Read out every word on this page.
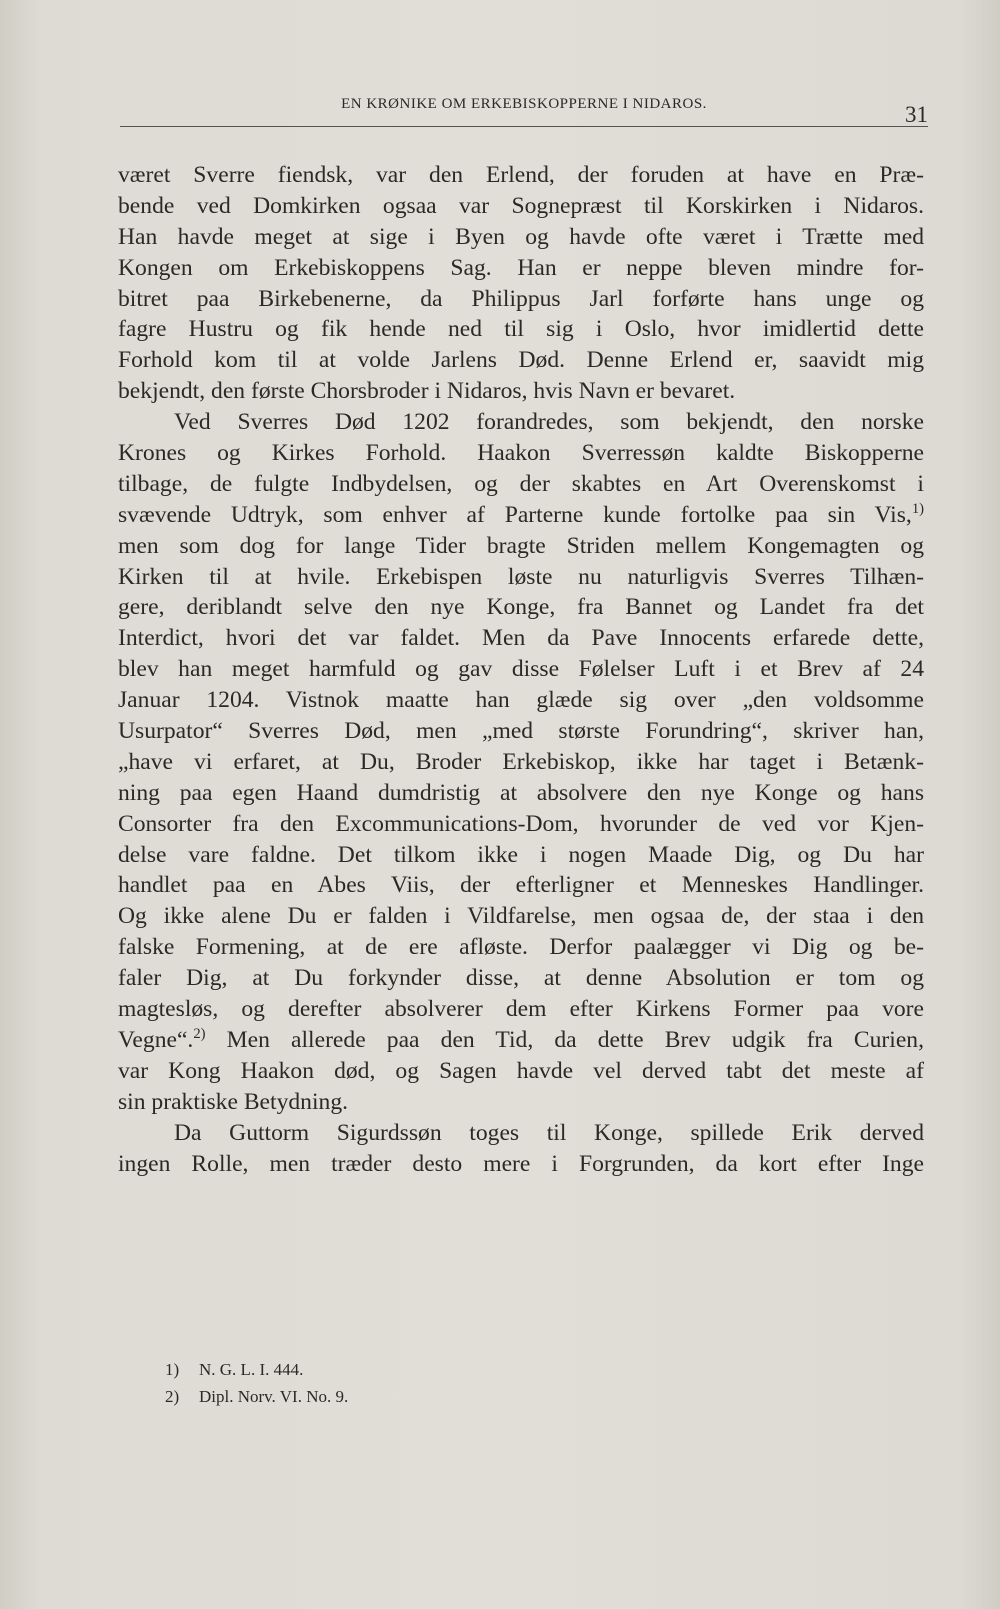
EN KRØNIKE OM ERKEBISKOPPERNE I NIDAROS.	31
været Sverre fiendsk, var den Erlend, der foruden at have en Præ-
bende ved Domkirken ogsaa var Sognepræst til Korskirken i Nidaros.
Han havde meget at sige i Byen og havde ofte været i Trætte med
Kongen om Erkebiskoppens Sag. Han er neppe bleven mindre for-
bitret paa Birkebenerne, da Philippus Jarl forførte hans unge og
fagre Hustru og fik hende ned til sig i Oslo, hvor imidlertid dette
Forhold kom til at volde Jarlens Død. Denne Erlend er, saavidt mig
bekjendt, den første Chorsbroder i Nidaros, hvis Navn er bevaret.
Ved Sverres Død 1202 forandredes, som bekjendt, den norske
Krones og Kirkes Forhold. Haakon Sverressøn kaldte Biskopperne
tilbage, de fulgte Indbydelsen, og der skabtes en Art Overenskomst i
svævende Udtryk, som enhver af Parterne kunde fortolke paa sin Vis,$^{1)}$
men som dog for lange Tider bragte Striden mellem Kongemagten og
Kirken til at hvile. Erkebispen løste nu naturligvis Sverres Tilhæn-
gere, deriblandt selve den nye Konge, fra Bannet og Landet fra det
Interdict, hvori det var faldet. Men da Pave Innocents erfarede dette,
blev han meget harmfuld og gav disse Følelser Luft i et Brev af 24
Januar 1204. Vistnok maatte han glæde sig over „den voldsomme
Usurpator“ Sverres Død, men „med største Forundring“, skriver han,
„have vi erfaret, at Du, Broder Erkebiskop, ikke har taget i Betænk-
ning paa egen Haand dumdristig at absolvere den nye Konge og hans
Consorter fra den Excommunications-Dom, hvorunder de ved vor Kjen-
delse vare faldne. Det tilkom ikke i nogen Maade Dig, og Du har
handlet paa en Abes Viis, der efterligner et Menneskes Handlinger.
Og ikke alene Du er falden i Vildfarelse, men ogsaa de, der staa i den
falske Formening, at de ere afløste. Derfor paalægger vi Dig og be-
faler Dig, at Du forkynder disse, at denne Absolution er tom og
magtesløs, og derefter absolverer dem efter Kirkens Former paa vore
Vegne“.$^{2)}$ Men allerede paa den Tid, da dette Brev udgik fra Curien,
var Kong Haakon død, og Sagen havde vel derved tabt det meste af
sin praktiske Betydning.
Da Guttorm Sigurdssøn toges til Konge, spillede Erik derved
ingen Rolle, men træder desto mere i Forgrunden, da kort efter Inge
1) N. G. L. I. 444.
2) Dipl. Norv. VI. No. 9.
